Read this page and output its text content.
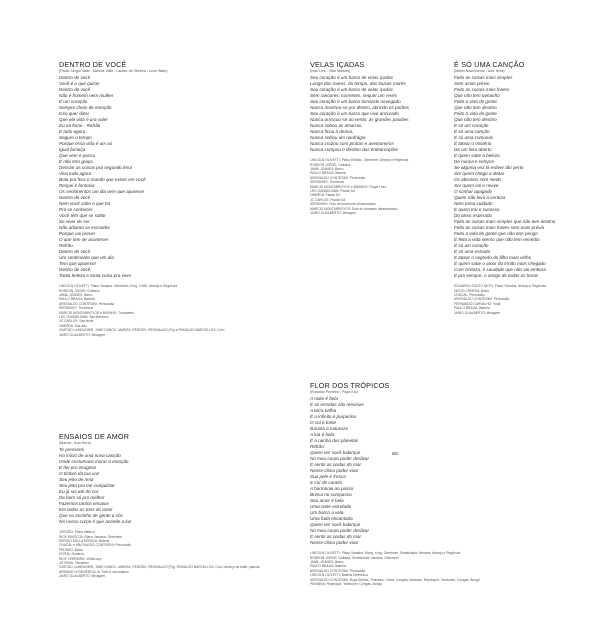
DENTRO DE VOCÊ
(Paulo Sérgio Valle - Marcos Valle - Lauder de Oliveira - Leon Ware)
Dentro de você
Você é o que quiser
Dentro de você
Não é homem nem mulher
É um coração
Sempre cheio de emoção
Isso quer dizer
Que ela vida é pra valer
Eu na fome - Refrão
É tudo agora
Seguro o tempo
Porque essa vida é um só
Igual fumaça
Que vem e passa
E não tem graça
Desviar as coisas pra segundo feira
Viva tudo agora
Bota pra fora o mundo que existe em você
Respei e fantasia
Os sentimentos um dia vem que aparecer
Dentro de você
Nem você sabe o que há
Pra se conhecer
Você tem que se soltar
Se viver de ser
Não adianta se esconder
Porque vai prever
O que tem de acontecer
Refrão
Dentro de você
Um sentimento que um dia
Tem que aparecer
Dentro de você
Tanta beleza e tanta coisa pra viver
LINCOLN OLIVETTI: Piano Yamaha, Oberheim, Korg, CS80, Arranjo e Regência
ROBSON JORGE: Guitarra
JAMIL JOANES: Baixo
PAULO BRAGA: Bateria
ARIOVALDO CONTESINI: Percussão
SERGINHO: Trombone
MARCIO MONTARROYOS e BIDINHO: Trompetes
LEO GANDELMAN: Sax-Barítono
JC CARLOS: Sax-tenor
OBERDA: Sax-alto
GASTÃO LAMOUNIER, JANE DUBOC, MARIZA, PEDRÃO, REGINALDO (Pq) e RONALDO BARCELLOS: Coro
JAIRO GUALBERTO: Mixagem
VELAS IÇADAS
(Ivan Lins - Vitor Martins)
Seu coração é um barco de velas içadas
Longe dos mares, do tempo, das loucas marés
Seu coração é um barco de velas içadas
Sem rancores, correntes, sequer um revés
Seu coração é um barco tomando navegado
Nunca mostrou-se por dentro, abrindo os porões
Seu coração é um barco que vive ancorado
Nunca arriscou-se ao vento, às grandes paixões
Nunca sobou as amarras,
Nunca ficou à deriva,
Nunca sofreu um naufrágio,
Nunca cruzou com piratas e aventureiros
Nunca cumpriu o destino das embarcações
LINCOLN OLIVETTI: Piano Elétrico, Oberheim, Arranjo e Regência
ROBSON JORGE: Guitarra
JAMIL JOANES: Baixo
PAULO BRAGA: Bateria
ARIOVALDO CONTESINI: Percussão
SERGINHO: Trombone
MARCIO MONTARROYOS e BIDINHO: Flugel Horn
LEO GANDELMAN: Flauta Sol
OBERDA: Flauta Dó
JC CARLOS: Flauta Sol
SERGINHO: Solo de trombone ultrasonizado
MARCIO MONTARROYOS: Solo de trompete ultrasonizado
JAIRO GUALBERTO: Mixagem
É SÓ UMA CANÇÃO
(Milton Nascimento - Ana Terra)
Feito as coisas mais simples
Sem astas prévio
Feito as coisas mais fontes
Que não tem tamanho
Feito a vida do gente
Que não tem destino
Feito a vida do gente
Que não tem destino
É só um coração
É só uma canção
É só uma comunas
É tatear o mistério
De um livro aberto
É quem sabe a beleza
De nunca e sempre
Se alguma vez lá estiver tão perto
Ser quem chego a deitar
Os abismos sem medo
Ser quem vai e revive
O sonhar apagado
Quem não leva a certeza
Nem toma cuidado
É quem trai o sucesso
Do amor esperado
Feito as coisas mais simples que não tem destino
Feito as coisas mais fontes sem asas prévio
Feito a vida do gente que não tem perigo
É feito a vida eterno que não tem remédio
É só um coração
É só uma estrada
É tatear o segredo do filho mais velho
É quem sabe o amor do irmão mais chegado
Com certeza, é saudade que não vai embora
É pra sempre, o amigo de todas as horas
EDUARDO SOUTO NETO: Piano Yamaha, Arranjo e Regência
DÉCIO CRISPIM: Baixo
CHACAL: Percussão
ARIOVALDO CONTESINI: Percussão
FERNANDO CARVALHO: Viola
PAULO BRAGA: Bateria
JAIRO GUALBERTO: Mixagem
FLOR DOS TRÓPICOS
(Ronaldo Pinheiro - Papa Kid)
A noite é bela
E as estrelas são meninas
A terra brilha
É o infinito é purpurina
O sol é fonte
Ilumina a natureza
A lua é bela
É a rainha dos planetas
Refrão:
Quero ver você balançar
No meu corpo poder deslizar
E sentir as ondas do mar
Nesse clima poder voar
Sua pele é fresca
E cor de canela
A harmonia no passo
Brinca no compasso
Seu amor é bela
Uma noite estrelada
Um barco a vela
Uma fada encantada
Quero ver você balançar
No meu corpo poder deslizar
E sentir as ondas do mar
Nesse clima poder voar
LINCOLN OLIVETTI: Piano Yamaha, Moog, Korg, Oberheim, Sintetizador Yamaha, Arranjo e Regência
ROBSON JORGE: Guitarra, Sintetizador Yamaha, Oberheim
JAMIL JOANES: Baixo
PAULO BRAGA: Bateria
ARIOVALDO CONTESINI: Percussão
LINCOLN OLIVETTI: Bateria Eletrônica
ARIOVALDO CONTESINI: Roça Efeitos, Timbales, Caxixi, Congas, Maracas, Reprinque, Tamborim, Congas, Bongô
PENINHA: Repinique, Tamborim, Congas, Bongô
Bis
ENSAIOS DE AMOR
(Marnia - Ana Terra)
Te pressenti
No início de uma nova canção
Onde costumava morar a emoção
E dei pro imaginar
O timbre da tua voz
Seu jeito de rima
Seu jeito pra me conquistar
Eu já sei até de cor
De bom só pro melhor
Fazemos tantos ensaios
Em todos os tons do amor
Que no ensinho de gente a sós
No nosso corpo é que acende a luz
JORGÃO: Piano elétrico
RICK PANTOJA: Piano Yamaha, Oberheim
SÉRGIO DELLA MÔNICA: Bateria
CHACAL e ARIOVALDO CONTESINI: Percussão
PEDRÃO: Baixo
FÔRJA: Guitarra
RICK FERREIRA: Violão aço
JOTINHA: Vibrafone
GASTÃO LAMOUNIER, JANE DUBOC, MARIZA, PEDRÃO, REGINALDO (Pq), RONALDO BARCELLOS: Coro, arranjo de baile, palmas
ARRANJO e REGÊNCIA: Ai Tátio e convidados
JAIRO GUALBERTO: Mixagem
